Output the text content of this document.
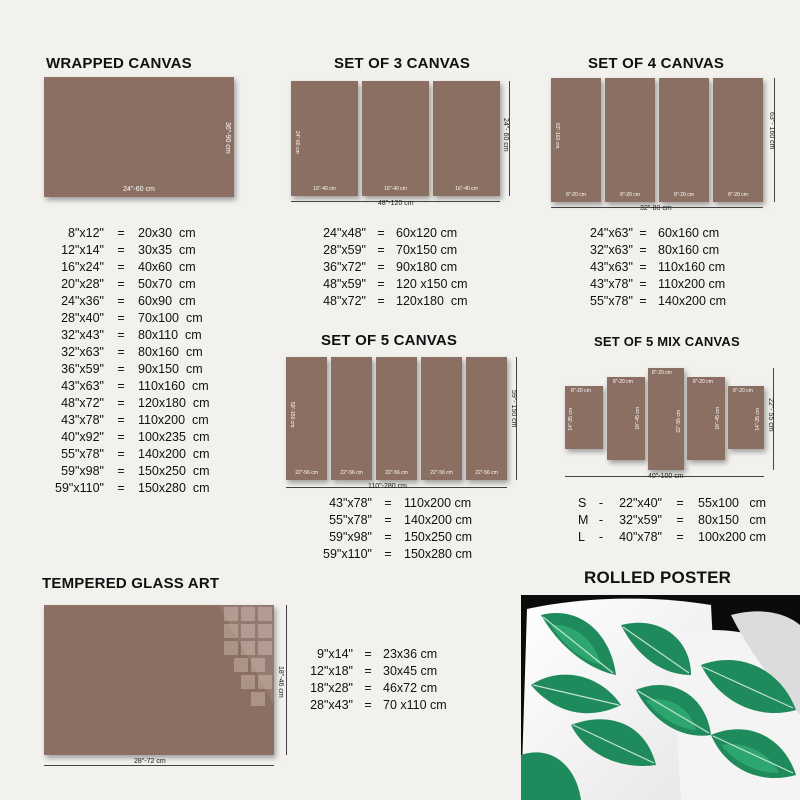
WRAPPED CANVAS
24"-60 cm
36"-90 cm
8"x12" = 20x30  cm
12"x14" = 30x35  cm
16"x24" = 40x60  cm
20"x28" = 50x70  cm
24"x36" = 60x90  cm
28"x40" = 70x100  cm
32"x43" = 80x110  cm
32"x63" = 80x160  cm
36"x59" = 90x150  cm
43"x63" = 110x160  cm
48"x72" = 120x180  cm
43"x78" = 110x200  cm
40"x92" = 100x235  cm
55"x78" = 140x200  cm
59"x98" = 150x250  cm
59"x110" = 150x280  cm
SET OF 3 CANVAS
16"-40 cm
24"-60 cm
16"-40 cm	16"-40 cm
48"-120 cm
24"- 60 cm
24"x48" = 60x120 cm
28"x59" = 70x150 cm
36"x72" = 90x180 cm
48"x59" = 120 x150 cm
48"x72" = 120x180  cm
SET OF 4 CANVAS
8"-20 cm
63"-160 cm
8"-20 cm	8"-20 cm	8"-20 cm
32"-80 cm
63"- 160 cm
24"x63" = 60x160 cm
32"x63" = 80x160 cm
43"x63" = 110x160 cm
43"x78" = 110x200 cm
55"x78" = 140x200 cm
SET OF 5 CANVAS
22"-56 cm
59"-150 cm
22"-56 cm	22"-56 cm	22"-56 cm	22"-56 cm
110"-280 cm
59"- 150 cm
43"x78" = 110x200 cm
55"x78" = 140x200 cm
59"x98" = 150x250 cm
59"x110" = 150x280 cm
SET OF 5 MIX CANVAS
8"-20 cm
14"-35 cm
8"-20 cm
18"-45 cm
8"-20 cm
22"-55 cm
8"-20 cm
18"-45 cm
8"-20 cm
14"-35 cm
40"-100 cm
22"- 55 cm
S - 22"x40" = 55x100   cm
M - 32"x59" = 80x150   cm
L - 40"x78" = 100x200 cm
TEMPERED GLASS ART
28"-72 cm
18"-46 cm
9"x14" = 23x36 cm
12"x18" = 30x45 cm
18"x28" = 46x72 cm
28"x43" = 70 x110 cm
ROLLED POSTER
